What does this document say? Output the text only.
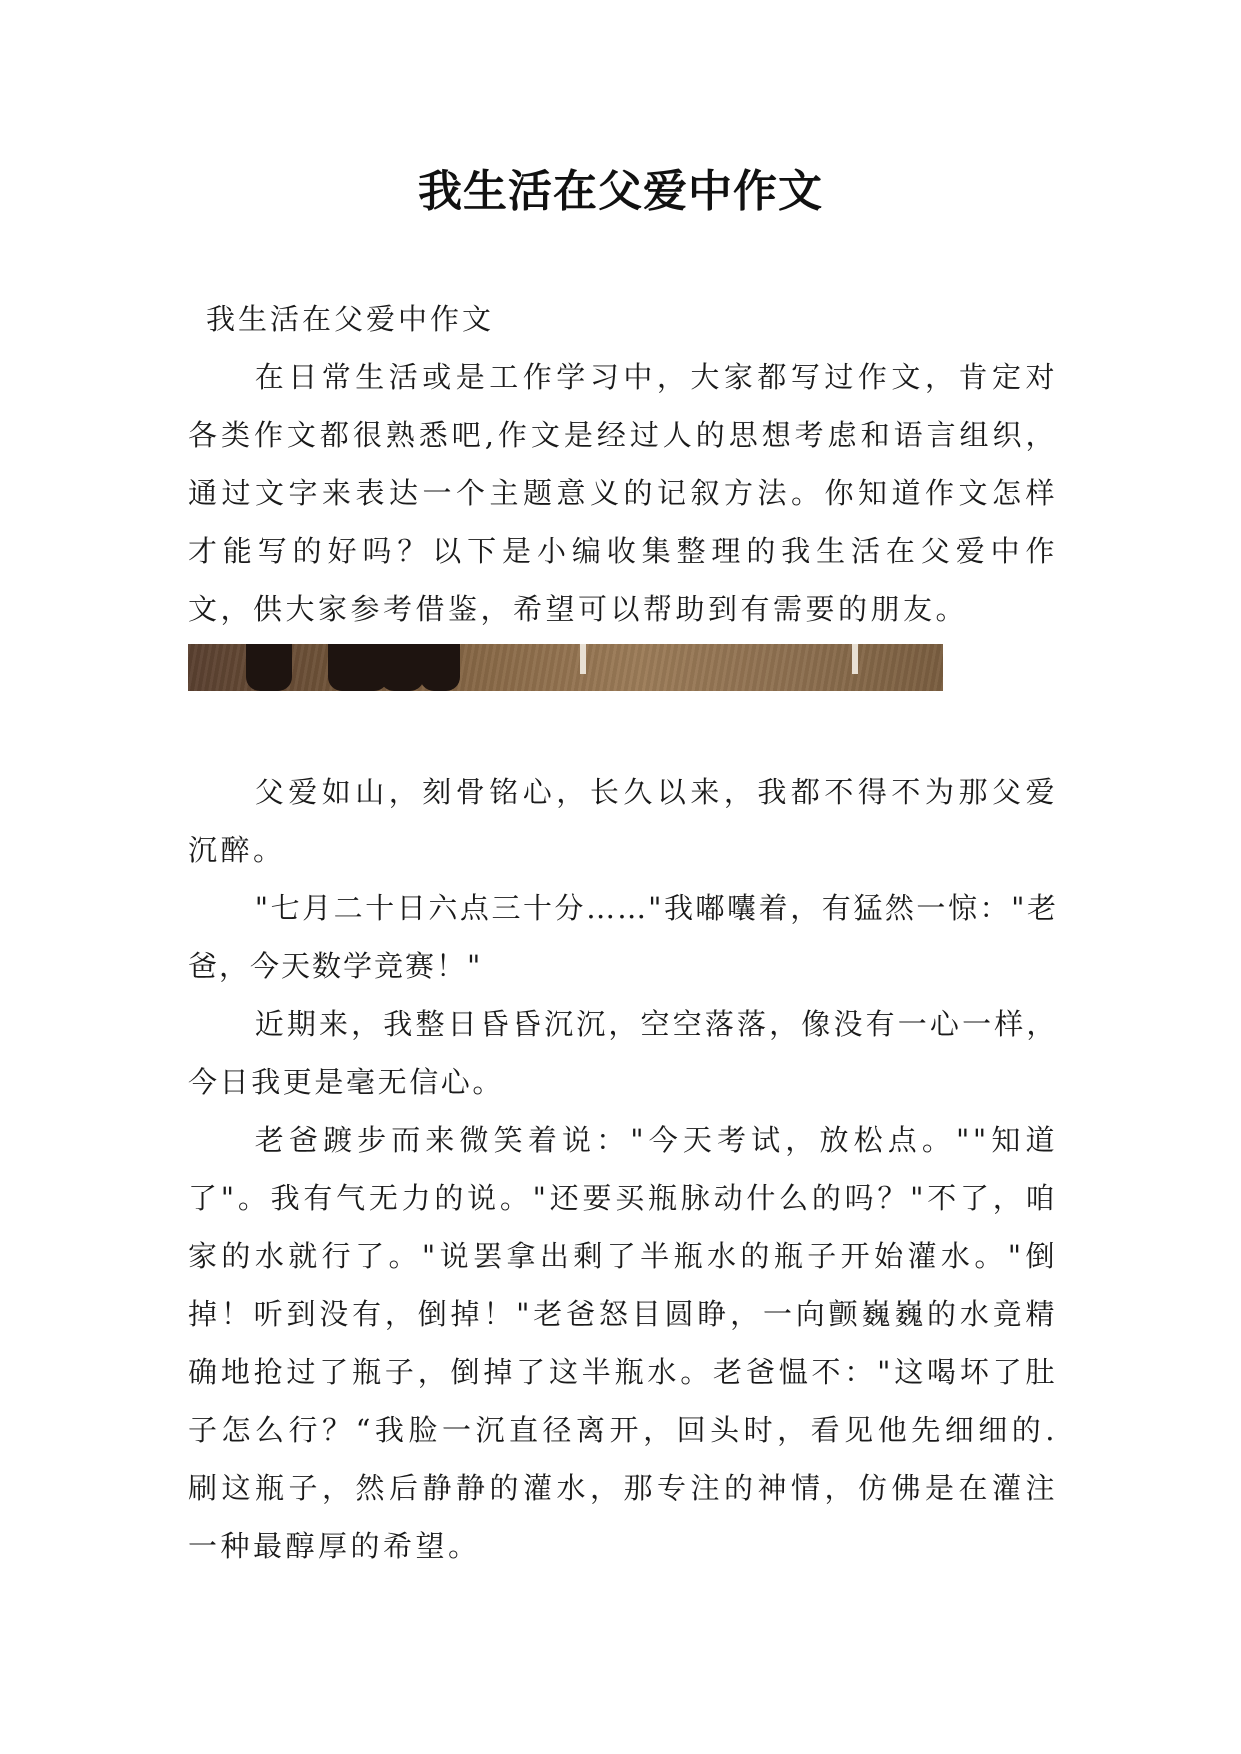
我生活在父爱中作文
我生活在父爱中作文

在日常生活或是工作学习中，大家都写过作文，肯定对各类作文都很熟悉吧,作文是经过人的思想考虑和语言组织，通过文字来表达一个主题意义的记叙方法。你知道作文怎样才能写的好吗？以下是小编收集整理的我生活在父爱中作文，供大家参考借鉴，希望可以帮助到有需要的朋友。

父爱如山，刻骨铭心，长久以来，我都不得不为那父爱沉醉。

"七月二十日六点三十分……"我嘟囔着，有猛然一惊："老爸，今天数学竞赛！"

近期来，我整日昏昏沉沉，空空落落，像没有一心一样，今日我更是毫无信心。

老爸踱步而来微笑着说："今天考试，放松点。""知道了"。我有气无力的说。"还要买瓶脉动什么的吗？"不了，咱家的水就行了。"说罢拿出剩了半瓶水的瓶子开始灌水。"倒掉！听到没有，倒掉！"老爸怒目圆睁，一向颤巍巍的水竟精确地抢过了瓶子，倒掉了这半瓶水。老爸愠不："这喝坏了肚子怎么行？“我脸一沉直径离开，回头时，看见他先细细的.刷这瓶子，然后静静的灌水，那专注的神情，仿佛是在灌注一种最醇厚的希望。
